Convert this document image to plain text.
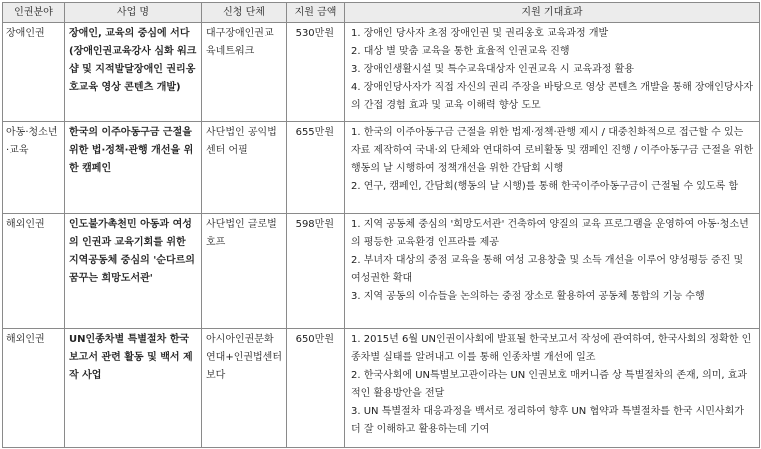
인권분야	사업 명	신청 단체	지원 금액	지원 기대효과
장애인권	장애인, 교육의 중심에 서다(장애인권교육강사 심화 워크샵 및 지적발달장애인 권리옹호교육 영상 콘텐츠 개발)	대구장애인권교육네트워크	530만원	1. 장애인 당사자 초점 장애인권 및 권리옹호 교육과정 개발
2. 대상 별 맞춤 교육을 통한 효율적 인권교육 진행
3. 장애인생활시설 및 특수교육대상자 인권교육 시 교육과정 활용
4. 장애인당사자가 직접 자신의 권리 주장을 바탕으로 영상 콘텐츠 개발을 통해 장애인당사자의 간접 경험 효과 및 교육 이해력 향상 도모

아동·청소년·교육	한국의 이주아동구금 근절을 위한 법·정책·관행 개선을 위한 캠페인	사단법인 공익법센터 어필	655만원	1. 한국의 이주아동구금 근절을 위한 법제·정책·관행 제시 / 대중친화적으로 접근할 수 있는 자료 제작하여 국내·외 단체와 연대하여 로비활동 및 캠페인 진행 / 이주아동구금 근절을 위한 행동의 날 시행하여 정책개선을 위한 간담회 시행
2. 연구, 캠페인, 간담회(행동의 날 시행)를 통해 한국이주아동구금이 근절될 수 있도록 함

해외인권	인도불가촉천민 아동과 여성의 인권과 교육기회를 위한 지역공동체 중심의 '순다르의 꿈꾸는 희망도서관'	사단법인 글로벌호프	598만원	1. 지역 공동체 중심의 '희망도서관' 건축하여 양질의 교육 프로그램을 운영하여 아동·청소년의 평등한 교육환경 인프라를 제공
2. 부녀자 대상의 중점 교육을 통해 여성 고용창출 및 소득 개선을 이루어 양성평등 증진 및 여성권한 확대
3. 지역 공동의 이슈들을 논의하는 중점 장소로 활용하여 공동체 통합의 기능 수행

해외인권	UN인종차별 특별절차 한국보고서 관련 활동 및 백서 제작 사업	아시아인권문화연대+인권법센터 보다	650만원	1. 2015년 6월 UN인권이사회에 발표될 한국보고서 작성에 관여하여, 한국사회의 정확한 인종차별 실태를 알려내고 이를 통해 인종차별 개선에 일조
2. 한국사회에 UN특별보고관이라는 UN 인권보호 매커니즘 상 특별절차의 존재, 의미, 효과적인 활용방안을 전달
3. UN 특별절차 대응과정을 백서로 정리하여 향후 UN 협약과 특별절차를 한국 시민사회가 더 잘 이해하고 활용하는데 기여
